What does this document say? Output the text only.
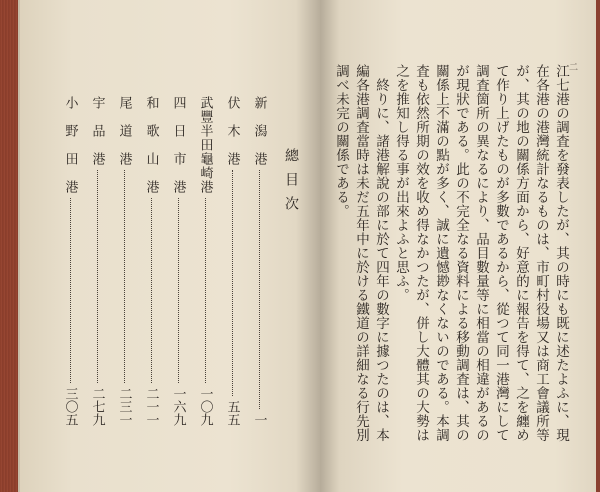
總目次
新　潟　港
一
伏　木　港
五五
武豐半田龜崎港
一〇九
四　日　市　港
一六九
和　歌　山　港
二一一
尾　道　港
二三一
宇　品　港
二七九
小　野　田　港
三〇五
二
江七港の調査を發表したが、其の時にも既に述たよふに、現
在各港の港灣統計なるものは、市町村役場又は商工會議所等
が、其の地の關係方面から、好意的に報告を得て、之を纏め
て作り上げたものが多數であるから、從つて同一港灣にして
調査箇所の異なるにより、品目數量等に相當の相違があるの
が現狀である。此の不完全なる資料による移動調査は、其の
關係上不滿の點が多く、誠に遺憾尠なくないのである。本調
査も依然所期の效を收め得なかつたが、併し大體其の大勢は
之を推知し得る事が出來よふと思ふ。
終りに、諸港解說の部に於て四年の數字に據つたのは、本
編各港調査當時は未だ五年中に於ける鐵道の詳細なる行先別
調べ未完の關係である。
